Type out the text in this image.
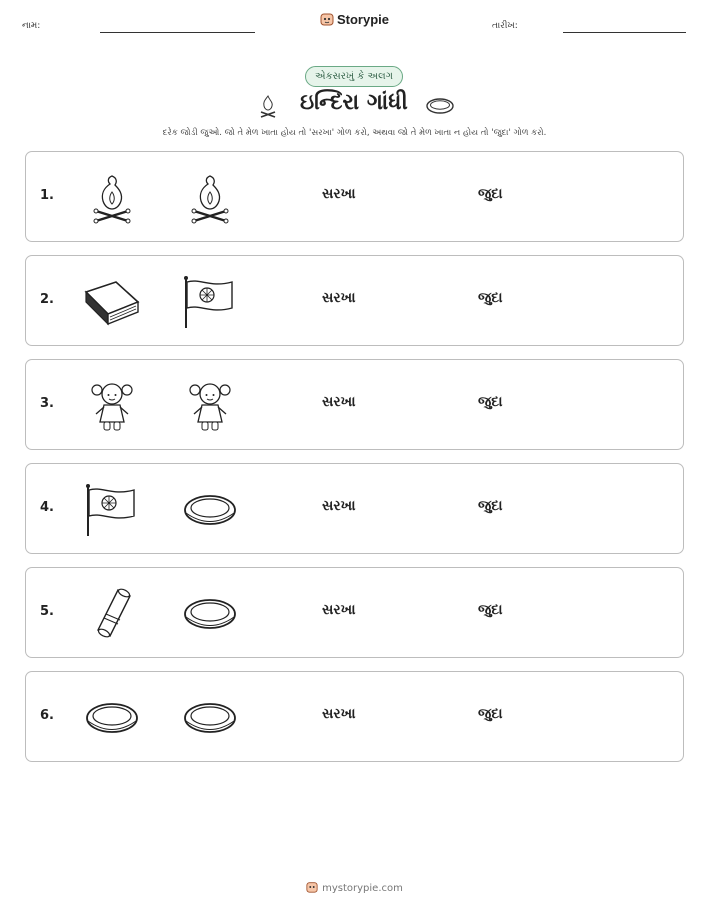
નામ:	Storypie	તારીખ:
એકસરખું કે અલગ
ઇન્દિરા ગાંધી
દરેક જોડી જુઓ. જો તે મેળ ખાતા હોય તો 'સરખા' ગોળ કરો, અથવા જો તે મેળ ખાતા ન હોય તો 'જુદા' ગોળ કરો.
1.	સરખા	જુદા
2.	સરખા	જુદા
3.	સરખા	જુદા
4.	સરખા	જુદા
5.	સરખા	જુદા
6.	સરખા	જુદા
mystorypie.com
